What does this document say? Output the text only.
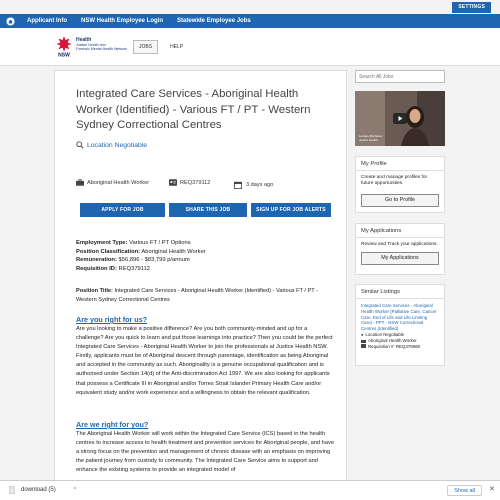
SETTINGS
Applicant Info NSW Health Employee Login Statewide Employee Jobs
NSW
Health
Justice Health and
Forensic Mental Health Network	JOBS	HELP
Integrated Care Services - Aboriginal Health Worker (Identified) - Various FT / PT - Western Sydney Correctional Centres
Location Negotiable
Aboriginal Health Worker	REQ379112	3 days ago
APPLY FOR JOB	SHARE THIS JOB	SIGN UP FOR JOB ALERTS
Employment Type: Various FT / PT Options
Position Classification: Aboriginal Health Worker
Remuneration: $56,896 - $83,799 p/annum
Requisition ID: REQ379112
Position Title: Integrated Care Services - Aboriginal Health Worker (Identified) - Various FT / PT - Western Sydney Correctional Centres
Are you right for us?

Are you looking to make a positive difference? Are you both community-minded and up for a challenge? Are you quick to learn and put those learnings into practice? Then you could be the perfect Integrated Care Services - Aboriginal Health Worker to join the professionals at Justice Health NSW. Firstly, applicants must be of Aboriginal descent through parentage, identification as being Aboriginal and accepted in the community as such. Aboriginality is a genuine occupational qualification and is authorised under Section 14(d) of the Anti-discrimination Act 1997. We are also looking for applicants that possess a Certificate III in Aboriginal and/or Torres Strait Islander Primary Health Care and/or equivalent study and/or work experience and a willingness to obtain the relevant qualification.

Are we right for you?

The Aboriginal Health Worker will work within the Integrated Care Service (ICS) based in the health centres to increase access to health treatment and prevention services for Aboriginal people, and have a strong focus on the prevention and management of chronic disease with an emphasis on improving the patient journey from custody to community. The Integrated Care Service aims to support and enhance the existing systems to provide an integrated model of

Search All Jobs
Lenape Bocharev
Justice Health
My Profile
Create and manage profiles for future opportunities.
Go to Profile
My Applications
Review and Track your applications.
My Applications
Similar Listings
Integrated Care Services - Aboriginal Health Worker (Palliative Care, Cancer Care, End of Life and Life Limiting Care) - PPT - NSW Correctional Centres (Identified)
● Location Negotiable
Aboriginal Health Worker
Requisition #: REQ376968
download (5)	^	Show all	✕
